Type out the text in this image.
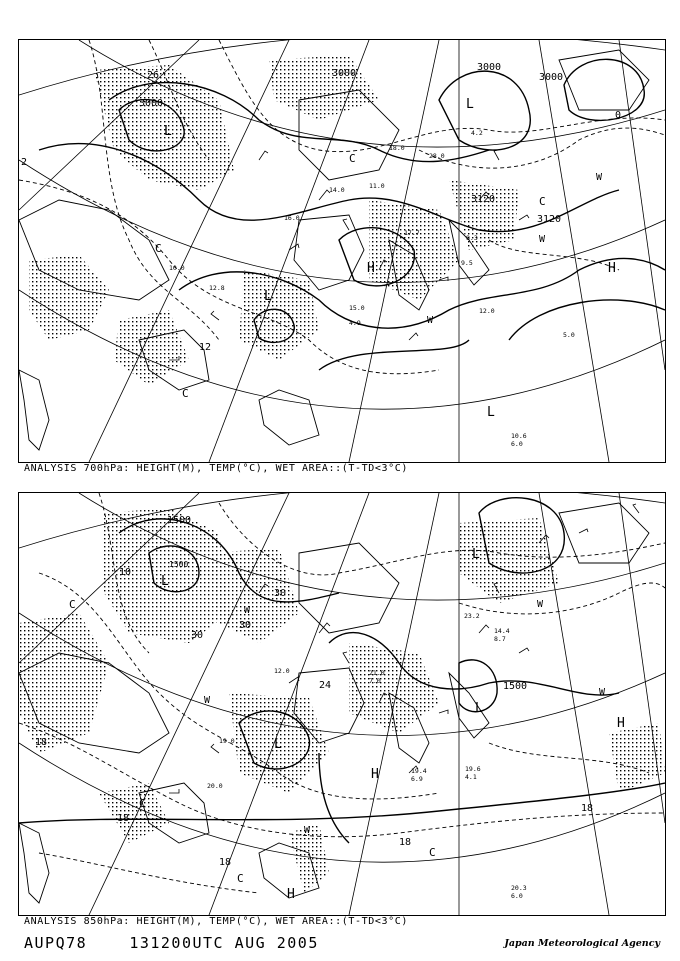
3000
3000
3000
3000
3120
3120
L
L
L
L
H	H
C
C
C
C
W
W
W
0
12
26
2
14.0
16.0
18.0
11.0
17.7
12.8
10.0
8.3
9.5
15.0
4.9
10.6
6.0
12.0
5.0
28.0
4.2
ANALYSIS 700hPa: HEIGHT(M), TEMP(°C), WET AREA::(T-TD<3°C)
1500
1500
1500
L
L
L
L
H
H
H
C
C
C
C
W
W
W
W
W
18
18
18
18
30
30
30
24
10
18
19.6
4.1
19.4
6.9
20.3
6.0
21.0
7.0
23.2
14.4
8.7
20.0
19.0
12.0
ANALYSIS 850hPa: HEIGHT(M), TEMP(°C), WET AREA::(T-TD<3°C)
AUPQ78	131200UTC AUG 2005	Japan Meteorological Agency
